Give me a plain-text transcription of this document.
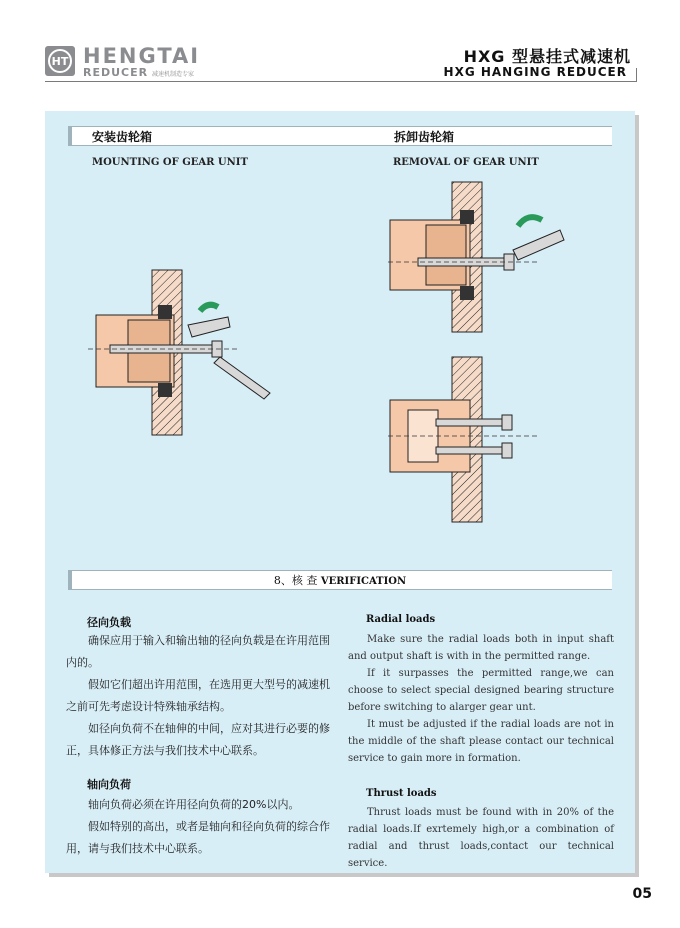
HT HENGTAI
REDUCER 减速机制造专家
HXG 型悬挂式减速机
HXG HANGING REDUCER
安装齿轮箱	拆卸齿轮箱
MOUNTING OF GEAR UNIT	REMOVAL OF GEAR UNIT
8、核 查 VERIFICATION
径向负载

确保应用于输入和输出轴的径向负载是在许用范围内的。

假如它们超出许用范围，在选用更大型号的减速机之前可先考虑设计特殊轴承结构。

如径向负荷不在轴伸的中间，应对其进行必要的修正，具体修正方法与我们技术中心联系。

轴向负荷

轴向负荷必须在许用径向负荷的20%以内。

假如特别的高出，或者是轴向和径向负荷的综合作用，请与我们技术中心联系。

Radial loads

Make sure the radial loads both in input shaft and output shaft is with in the permitted range.

If it surpasses the permitted range,we can choose to select special designed bearing structure before switching to alarger gear unt.

It must be adjusted if the radial loads are not in the middle of the shaft please contact our technical service to gain more in formation.

Thrust loads

Thrust loads must be found with in 20% of the radial loads.If exrtemely high,or a combination of radial and thrust loads,contact our technical service.

05
